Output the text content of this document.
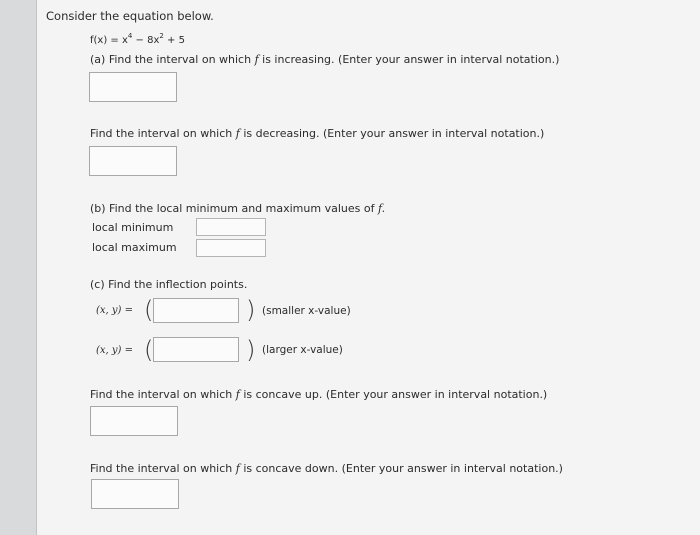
Consider the equation below.
$f(x) = x^4 - 8x^2 + 5$
(a) Find the interval on which f is increasing. (Enter your answer in interval notation.)
Find the interval on which f is decreasing. (Enter your answer in interval notation.)
(b) Find the local minimum and maximum values of f.
local minimum
local maximum
(c) Find the inflection points.
(x, y) = (	) (smaller x-value)
(x, y) = (	) (larger x-value)
Find the interval on which f is concave up. (Enter your answer in interval notation.)
Find the interval on which f is concave down. (Enter your answer in interval notation.)
